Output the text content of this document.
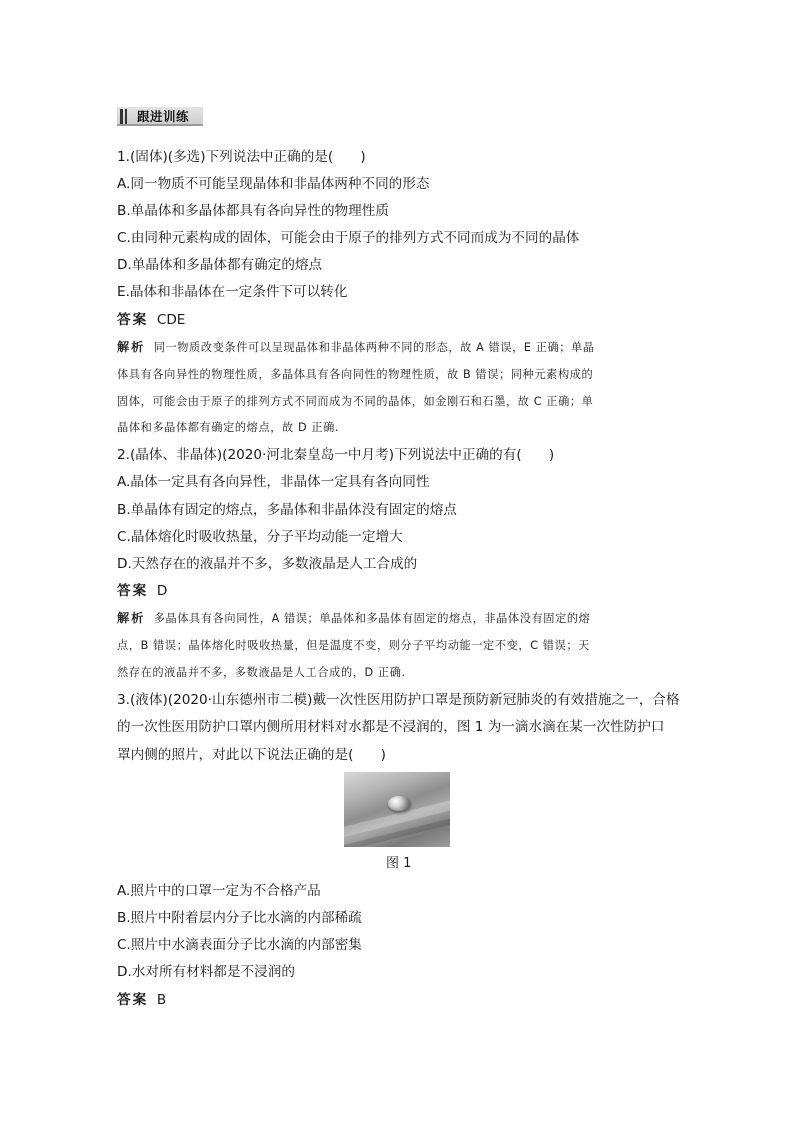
跟进训练
1.(固体)(多选)下列说法中正确的是(　　)
A.同一物质不可能呈现晶体和非晶体两种不同的形态
B.单晶体和多晶体都具有各向异性的物理性质
C.由同种元素构成的固体，可能会由于原子的排列方式不同而成为不同的晶体
D.单晶体和多晶体都有确定的熔点
E.晶体和非晶体在一定条件下可以转化
答案 CDE
解析 同一物质改变条件可以呈现晶体和非晶体两种不同的形态，故 A 错误，E 正确；单晶
体具有各向异性的物理性质，多晶体具有各向同性的物理性质，故 B 错误；同种元素构成的
固体，可能会由于原子的排列方式不同而成为不同的晶体，如金刚石和石墨，故 C 正确；单
晶体和多晶体都有确定的熔点，故 D 正确.
2.(晶体、非晶体)(2020·河北秦皇岛一中月考)下列说法中正确的有(　　)
A.晶体一定具有各向异性，非晶体一定具有各向同性
B.单晶体有固定的熔点，多晶体和非晶体没有固定的熔点
C.晶体熔化时吸收热量，分子平均动能一定增大
D.天然存在的液晶并不多，多数液晶是人工合成的
答案 D
解析 多晶体具有各向同性，A 错误；单晶体和多晶体有固定的熔点，非晶体没有固定的熔
点，B 错误；晶体熔化时吸收热量，但是温度不变，则分子平均动能一定不变，C 错误；天
然存在的液晶并不多，多数液晶是人工合成的，D 正确.
3.(液体)(2020·山东德州市二模)戴一次性医用防护口罩是预防新冠肺炎的有效措施之一，合格
的一次性医用防护口罩内侧所用材料对水都是不浸润的，图 1 为一滴水滴在某一次性防护口
罩内侧的照片，对此以下说法正确的是(　　)
图 1
A.照片中的口罩一定为不合格产品
B.照片中附着层内分子比水滴的内部稀疏
C.照片中水滴表面分子比水滴的内部密集
D.水对所有材料都是不浸润的
答案 B
